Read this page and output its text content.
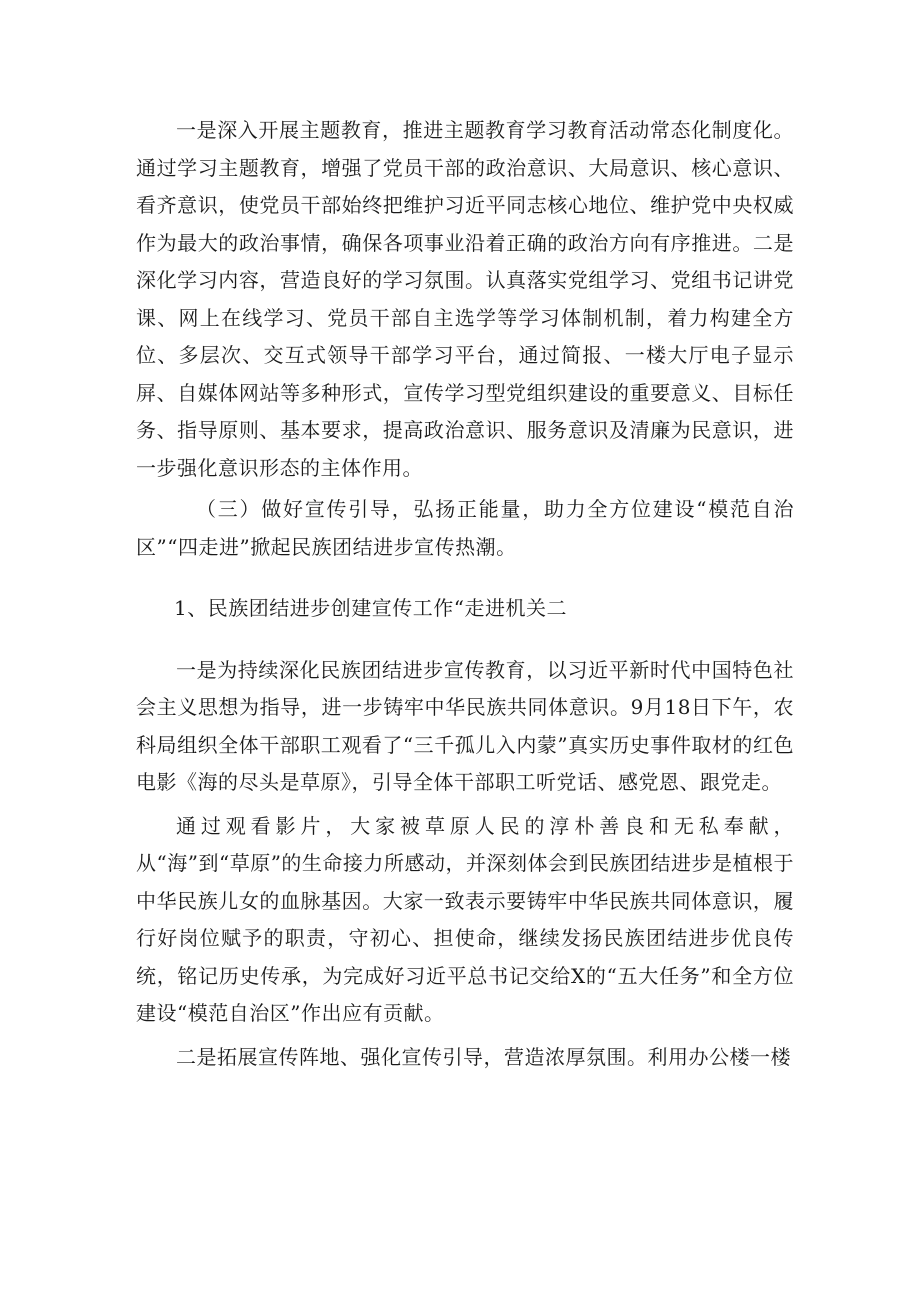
一是深入开展主题教育，推进主题教育学习教育活动常态化制度化。通过学习主题教育，增强了党员干部的政治意识、大局意识、核心意识、看齐意识，使党员干部始终把维护习近平同志核心地位、维护党中央权威作为最大的政治事情，确保各项事业沿着正确的政治方向有序推进。二是深化学习内容，营造良好的学习氛围。认真落实党组学习、党组书记讲党课、网上在线学习、党员干部自主选学等学习体制机制，着力构建全方位、多层次、交互式领导干部学习平台，通过简报、一楼大厅电子显示屏、自媒体网站等多种形式，宣传学习型党组织建设的重要意义、目标任务、指导原则、基本要求，提高政治意识、服务意识及清廉为民意识，进一步强化意识形态的主体作用。

（三）做好宣传引导，弘扬正能量，助力全方位建设“模范自治区”“四走进”掀起民族团结进步宣传热潮。

1、民族团结进步创建宣传工作“走进机关二

一是为持续深化民族团结进步宣传教育，以习近平新时代中国特色社会主义思想为指导，进一步铸牢中华民族共同体意识。9月18日下午，农科局组织全体干部职工观看了“三千孤儿入内蒙”真实历史事件取材的红色电影《海的尽头是草原》，引导全体干部职工听党话、感党恩、跟党走。

通过观看影片，大家被草原人民的淳朴善良和无私奉献，从“海”到“草原”的生命接力所感动，并深刻体会到民族团结进步是植根于中华民族儿女的血脉基因。大家一致表示要铸牢中华民族共同体意识，履行好岗位赋予的职责，守初心、担使命，继续发扬民族团结进步优良传统，铭记历史传承，为完成好习近平总书记交给X的“五大任务”和全方位建设“模范自治区”作出应有贡献。

二是拓展宣传阵地、强化宣传引导，营造浓厚氛围。利用办公楼一楼
